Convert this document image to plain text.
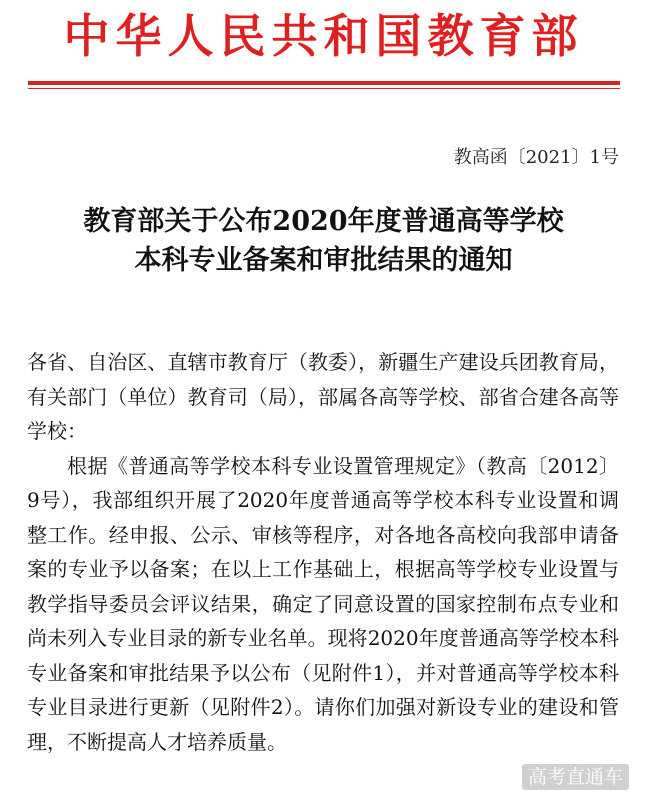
中华人民共和国教育部
教高函〔2021〕1号
教育部关于公布2020年度普通高等学校
本科专业备案和审批结果的通知

各省、自治区、直辖市教育厅（教委），新疆生产建设兵团教育局，有关部门（单位）教育司（局），部属各高等学校、部省合建各高等学校：

根据《普通高等学校本科专业设置管理规定》（教高〔2012〕9号），我部组织开展了2020年度普通高等学校本科专业设置和调整工作。经申报、公示、审核等程序，对各地各高校向我部申请备案的专业予以备案；在以上工作基础上，根据高等学校专业设置与教学指导委员会评议结果，确定了同意设置的国家控制布点专业和尚未列入专业目录的新专业名单。现将2020年度普通高等学校本科专业备案和审批结果予以公布（见附件1），并对普通高等学校本科专业目录进行更新（见附件2）。请你们加强对新设专业的建设和管理，不断提高人才培养质量。

高考直通车
